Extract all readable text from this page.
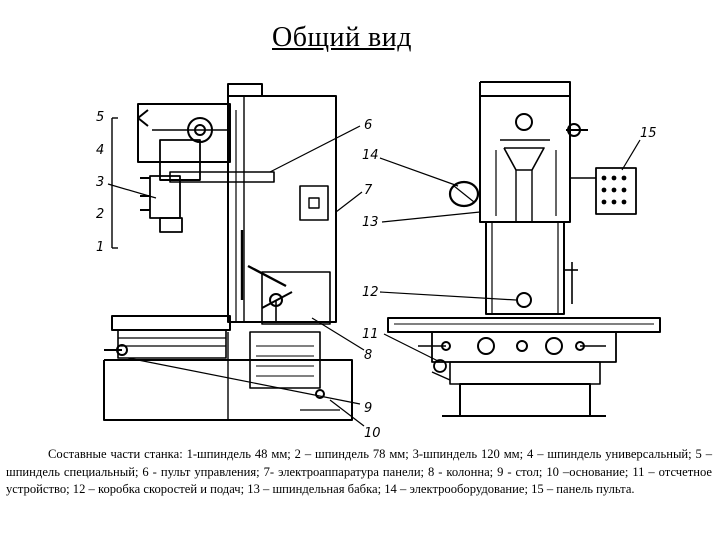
Общий вид
5
4
3
2
1
6
7
8
9
10
11
12
13
14
15
Составные части станка: 1-шпиндель 48 мм; 2 – шпиндель 78 мм; 3-шпиндель 120 мм; 4 – шпиндель универсальный; 5 – шпиндель специальный; 6 - пульт управления; 7- электроаппаратура панели; 8 - колонна; 9 - стол; 10 –основание; 11 – отсчетное устройство; 12 – коробка скоростей и подач; 13 – шпиндельная бабка; 14 – электрооборудование; 15 – панель пульта.
